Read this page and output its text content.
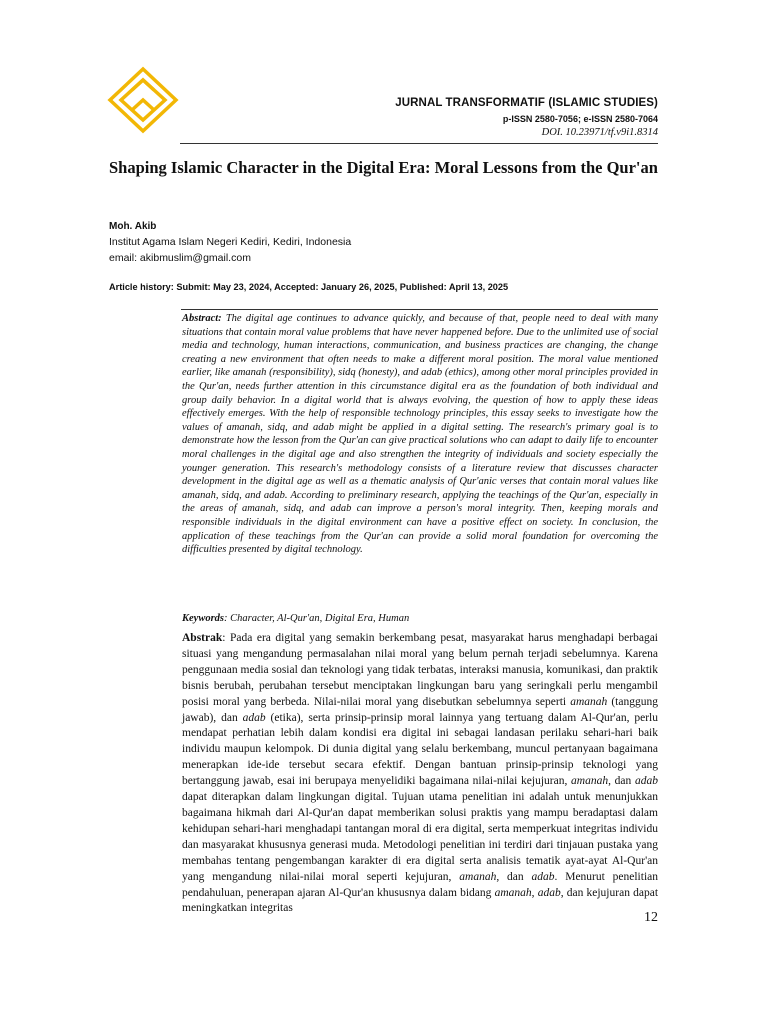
JURNAL TRANSFORMATIF (ISLAMIC STUDIES)
p-ISSN 2580-7056; e-ISSN 2580-7064
DOI. 10.23971/tf.v9i1.8314
Shaping Islamic Character in the Digital Era: Moral Lessons from the Qur'an
Moh. Akib
Institut Agama Islam Negeri Kediri, Kediri, Indonesia
email: akibmuslim@gmail.com
Article history: Submit: May 23, 2024, Accepted: January 26, 2025, Published: April 13, 2025
Abstract: The digital age continues to advance quickly, and because of that, people need to deal with many situations that contain moral value problems that have never happened before. Due to the unlimited use of social media and technology, human interactions, communication, and business practices are changing, the change creating a new environment that often needs to make a different moral position. The moral value mentioned earlier, like amanah (responsibility), sidq (honesty), and adab (ethics), among other moral principles provided in the Qur'an, needs further attention in this circumstance digital era as the foundation of both individual and group daily behavior. In a digital world that is always evolving, the question of how to apply these ideas effectively emerges. With the help of responsible technology principles, this essay seeks to investigate how the values of amanah, sidq, and adab might be applied in a digital setting. The research's primary goal is to demonstrate how the lesson from the Qur'an can give practical solutions who can adapt to daily life to encounter moral challenges in the digital age and also strengthen the integrity of individuals and society especially the younger generation. This research's methodology consists of a literature review that discusses character development in the digital age as well as a thematic analysis of Qur'anic verses that contain moral values like amanah, sidq, and adab. According to preliminary research, applying the teachings of the Qur'an, especially in the areas of amanah, sidq, and adab can improve a person's moral integrity. Then, keeping morals and responsible individuals in the digital environment can have a positive effect on society. In conclusion, the application of these teachings from the Qur'an can provide a solid moral foundation for overcoming the difficulties presented by digital technology.
Keywords: Character, Al-Qur'an, Digital Era, Human
Abstrak: Pada era digital yang semakin berkembang pesat, masyarakat harus menghadapi berbagai situasi yang mengandung permasalahan nilai moral yang belum pernah terjadi sebelumnya. Karena penggunaan media sosial dan teknologi yang tidak terbatas, interaksi manusia, komunikasi, dan praktik bisnis berubah, perubahan tersebut menciptakan lingkungan baru yang seringkali perlu mengambil posisi moral yang berbeda. Nilai-nilai moral yang disebutkan sebelumnya seperti amanah (tanggung jawab), dan adab (etika), serta prinsip-prinsip moral lainnya yang tertuang dalam Al-Qur'an, perlu mendapat perhatian lebih dalam kondisi era digital ini sebagai landasan perilaku sehari-hari baik individu maupun kelompok. Di dunia digital yang selalu berkembang, muncul pertanyaan bagaimana menerapkan ide-ide tersebut secara efektif. Dengan bantuan prinsip-prinsip teknologi yang bertanggung jawab, esai ini berupaya menyelidiki bagaimana nilai-nilai kejujuran, amanah, dan adab dapat diterapkan dalam lingkungan digital. Tujuan utama penelitian ini adalah untuk menunjukkan bagaimana hikmah dari Al-Qur'an dapat memberikan solusi praktis yang mampu beradaptasi dalam kehidupan sehari-hari menghadapi tantangan moral di era digital, serta memperkuat integritas individu dan masyarakat khususnya generasi muda. Metodologi penelitian ini terdiri dari tinjauan pustaka yang membahas tentang pengembangan karakter di era digital serta analisis tematik ayat-ayat Al-Qur'an yang mengandung nilai-nilai moral seperti kejujuran, amanah, dan adab. Menurut penelitian pendahuluan, penerapan ajaran Al-Qur'an khususnya dalam bidang amanah, adab, dan kejujuran dapat meningkatkan integritas
12
